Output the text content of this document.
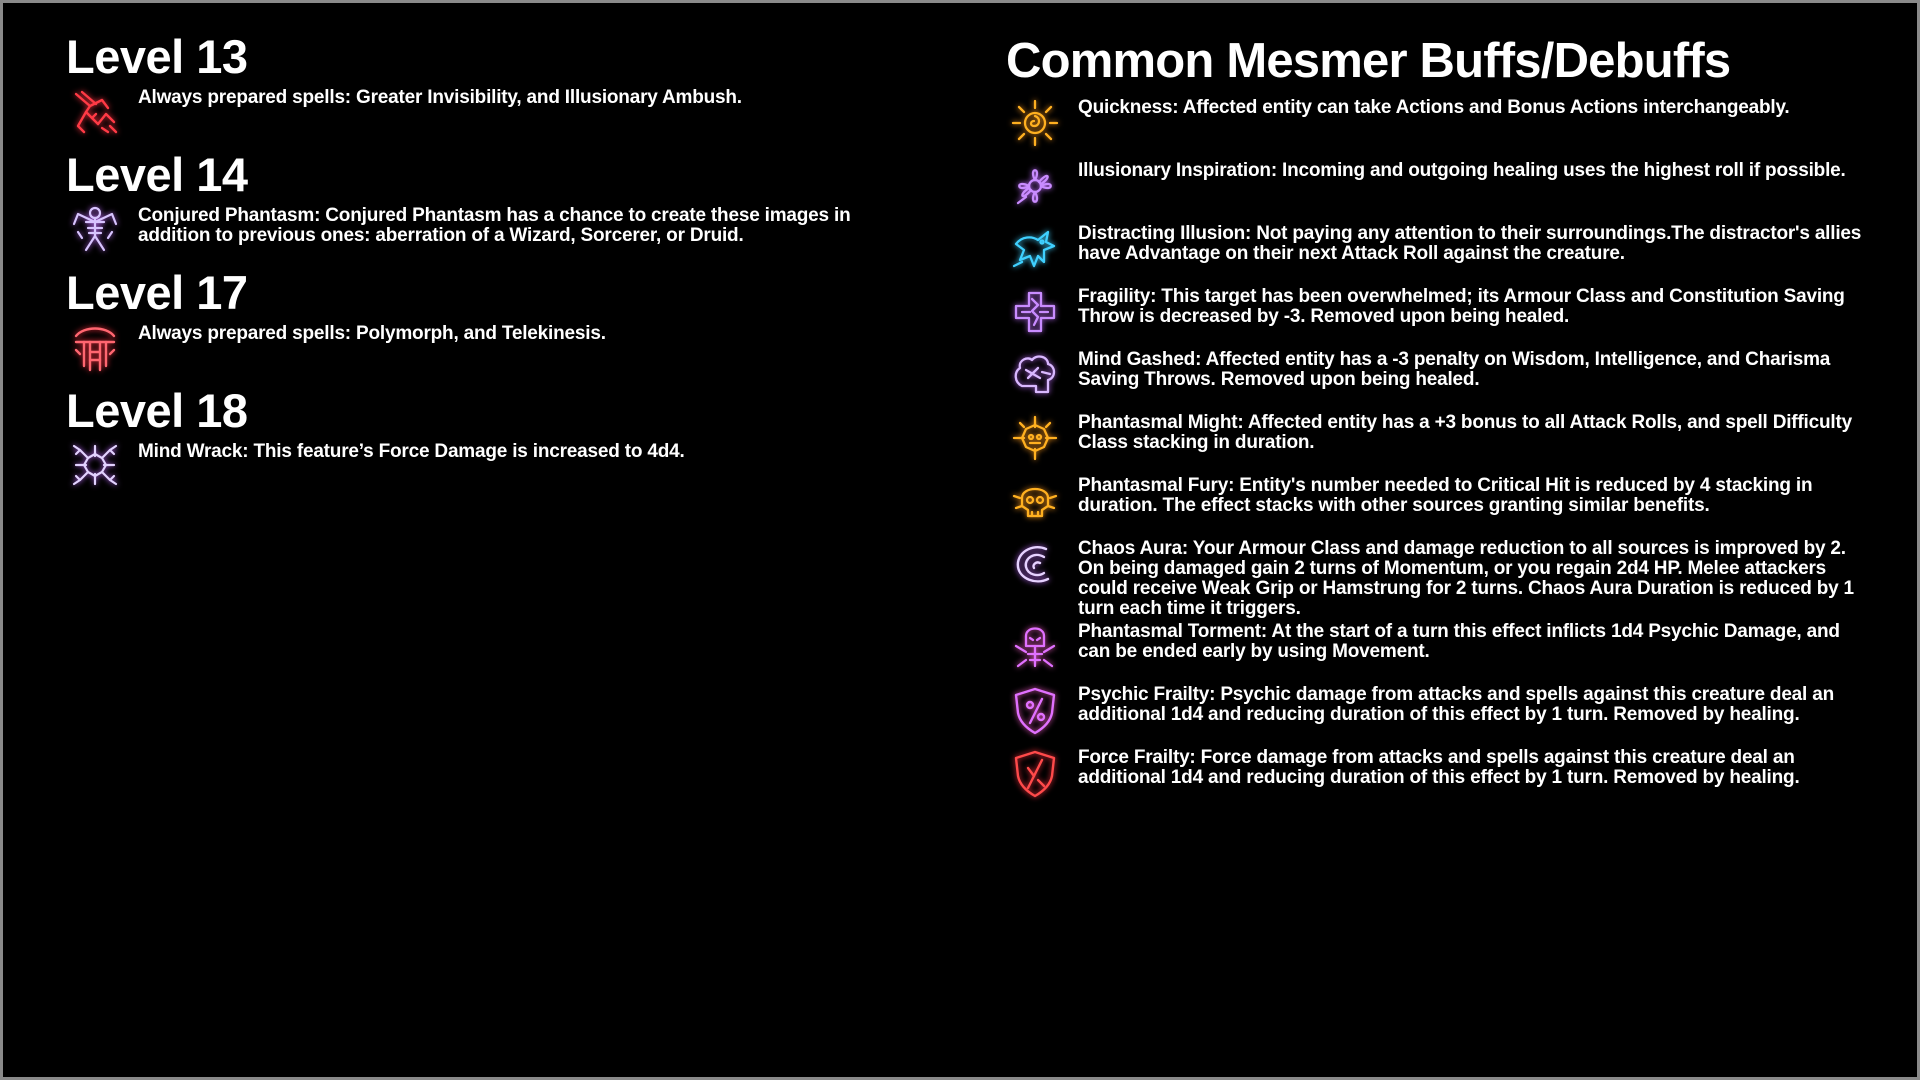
Level 13
Always prepared spells: Greater Invisibility, and Illusionary Ambush.
Level 14
Conjured Phantasm: Conjured Phantasm has a chance to create these images in addition to previous ones: aberration of a Wizard, Sorcerer, or Druid.
Level 17
Always prepared spells: Polymorph, and Telekinesis.
Level 18
Mind Wrack: This feature’s Force Damage is increased to 4d4.
Common Mesmer Buffs/Debuffs
Quickness: Affected entity can take Actions and Bonus Actions interchangeably.
Illusionary Inspiration: Incoming and outgoing healing uses the highest roll if possible.
Distracting Illusion: Not paying any attention to their surroundings.The distractor's allies have Advantage on their next Attack Roll against the creature.
Fragility: This target has been overwhelmed; its Armour Class and Constitution Saving Throw is decreased by -3. Removed upon being healed.
Mind Gashed: Affected entity has a -3 penalty on Wisdom, Intelligence, and Charisma Saving Throws. Removed upon being healed.
Phantasmal Might: Affected entity has a +3 bonus to all Attack Rolls, and spell Difficulty Class stacking in duration.
Phantasmal Fury: Entity's number needed to Critical Hit is reduced by 4 stacking in duration. The effect stacks with other sources granting similar benefits.
Chaos Aura: Your Armour Class and damage reduction to all sources is improved by 2. On being damaged gain 2 turns of Momentum, or you regain 2d4 HP. Melee attackers could receive Weak Grip or Hamstrung for 2 turns. Chaos Aura Duration is reduced by 1 turn each time it triggers.
Phantasmal Torment: At the start of a turn this effect inflicts 1d4 Psychic Damage, and can be ended early by using Movement.
Psychic Frailty: Psychic damage from attacks and spells against this creature deal an additional 1d4 and reducing duration of this effect by 1 turn. Removed by healing.
Force Frailty: Force damage from attacks and spells against this creature deal an additional 1d4 and reducing duration of this effect by 1 turn. Removed by healing.
